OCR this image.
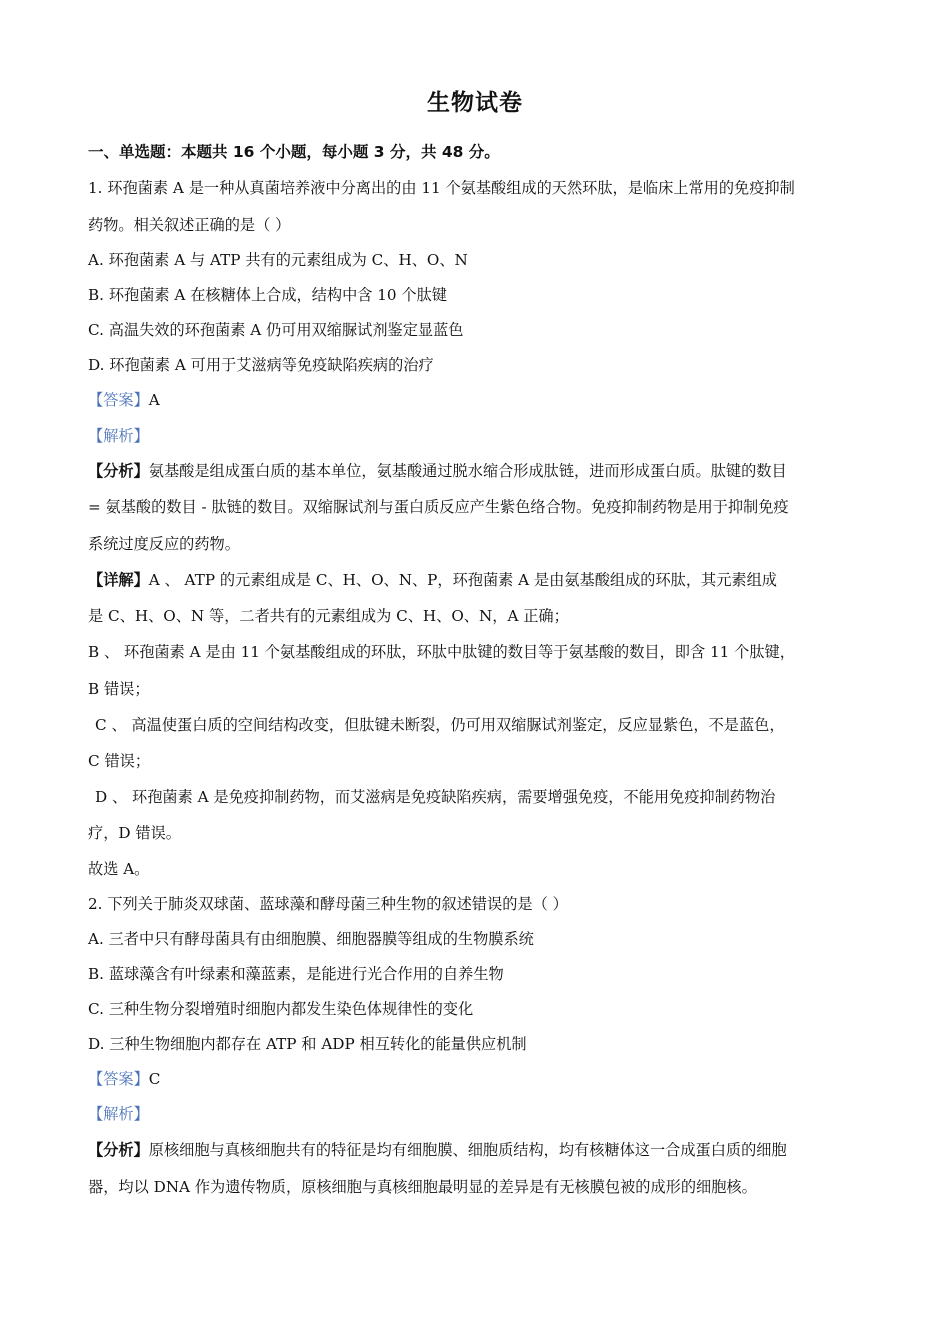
生物试卷
一、单选题：本题共 16 个小题，每小题 3 分，共 48 分。
1. 环孢菌素 A 是一种从真菌培养液中分离出的由 11 个氨基酸组成的天然环肽，是临床上常用的免疫抑制
药物。相关叙述正确的是（ ）
A. 环孢菌素 A 与 ATP 共有的元素组成为 C、H、O、N
B. 环孢菌素 A 在核糖体上合成，结构中含 10 个肽键
C. 高温失效的环孢菌素 A 仍可用双缩脲试剂鉴定显蓝色
D. 环孢菌素 A 可用于艾滋病等免疫缺陷疾病的治疗
【答案】A
【解析】
【分析】氨基酸是组成蛋白质的基本单位，氨基酸通过脱水缩合形成肽链，进而形成蛋白质。肽键的数目
= 氨基酸的数目 - 肽链的数目。双缩脲试剂与蛋白质反应产生紫色络合物。免疫抑制药物是用于抑制免疫
系统过度反应的药物。
【详解】A 、 ATP 的元素组成是 C、H、O、N、P，环孢菌素 A 是由氨基酸组成的环肽，其元素组成
是 C、H、O、N 等，二者共有的元素组成为 C、H、O、N，A 正确；
B 、 环孢菌素 A 是由 11 个氨基酸组成的环肽，环肽中肽键的数目等于氨基酸的数目，即含 11 个肽键，
B 错误；
C 、 高温使蛋白质的空间结构改变，但肽键未断裂，仍可用双缩脲试剂鉴定，反应显紫色，不是蓝色，
C 错误；
D 、 环孢菌素 A 是免疫抑制药物，而艾滋病是免疫缺陷疾病，需要增强免疫，不能用免疫抑制药物治
疗，D 错误。
故选 A。
2. 下列关于肺炎双球菌、蓝球藻和酵母菌三种生物的叙述错误的是（ ）
A. 三者中只有酵母菌具有由细胞膜、细胞器膜等组成的生物膜系统
B. 蓝球藻含有叶绿素和藻蓝素，是能进行光合作用的自养生物
C. 三种生物分裂增殖时细胞内都发生染色体规律性的变化
D. 三种生物细胞内都存在 ATP 和 ADP 相互转化的能量供应机制
【答案】C
【解析】
【分析】原核细胞与真核细胞共有的特征是均有细胞膜、细胞质结构，均有核糖体这一合成蛋白质的细胞
器，均以 DNA 作为遗传物质，原核细胞与真核细胞最明显的差异是有无核膜包被的成形的细胞核。
